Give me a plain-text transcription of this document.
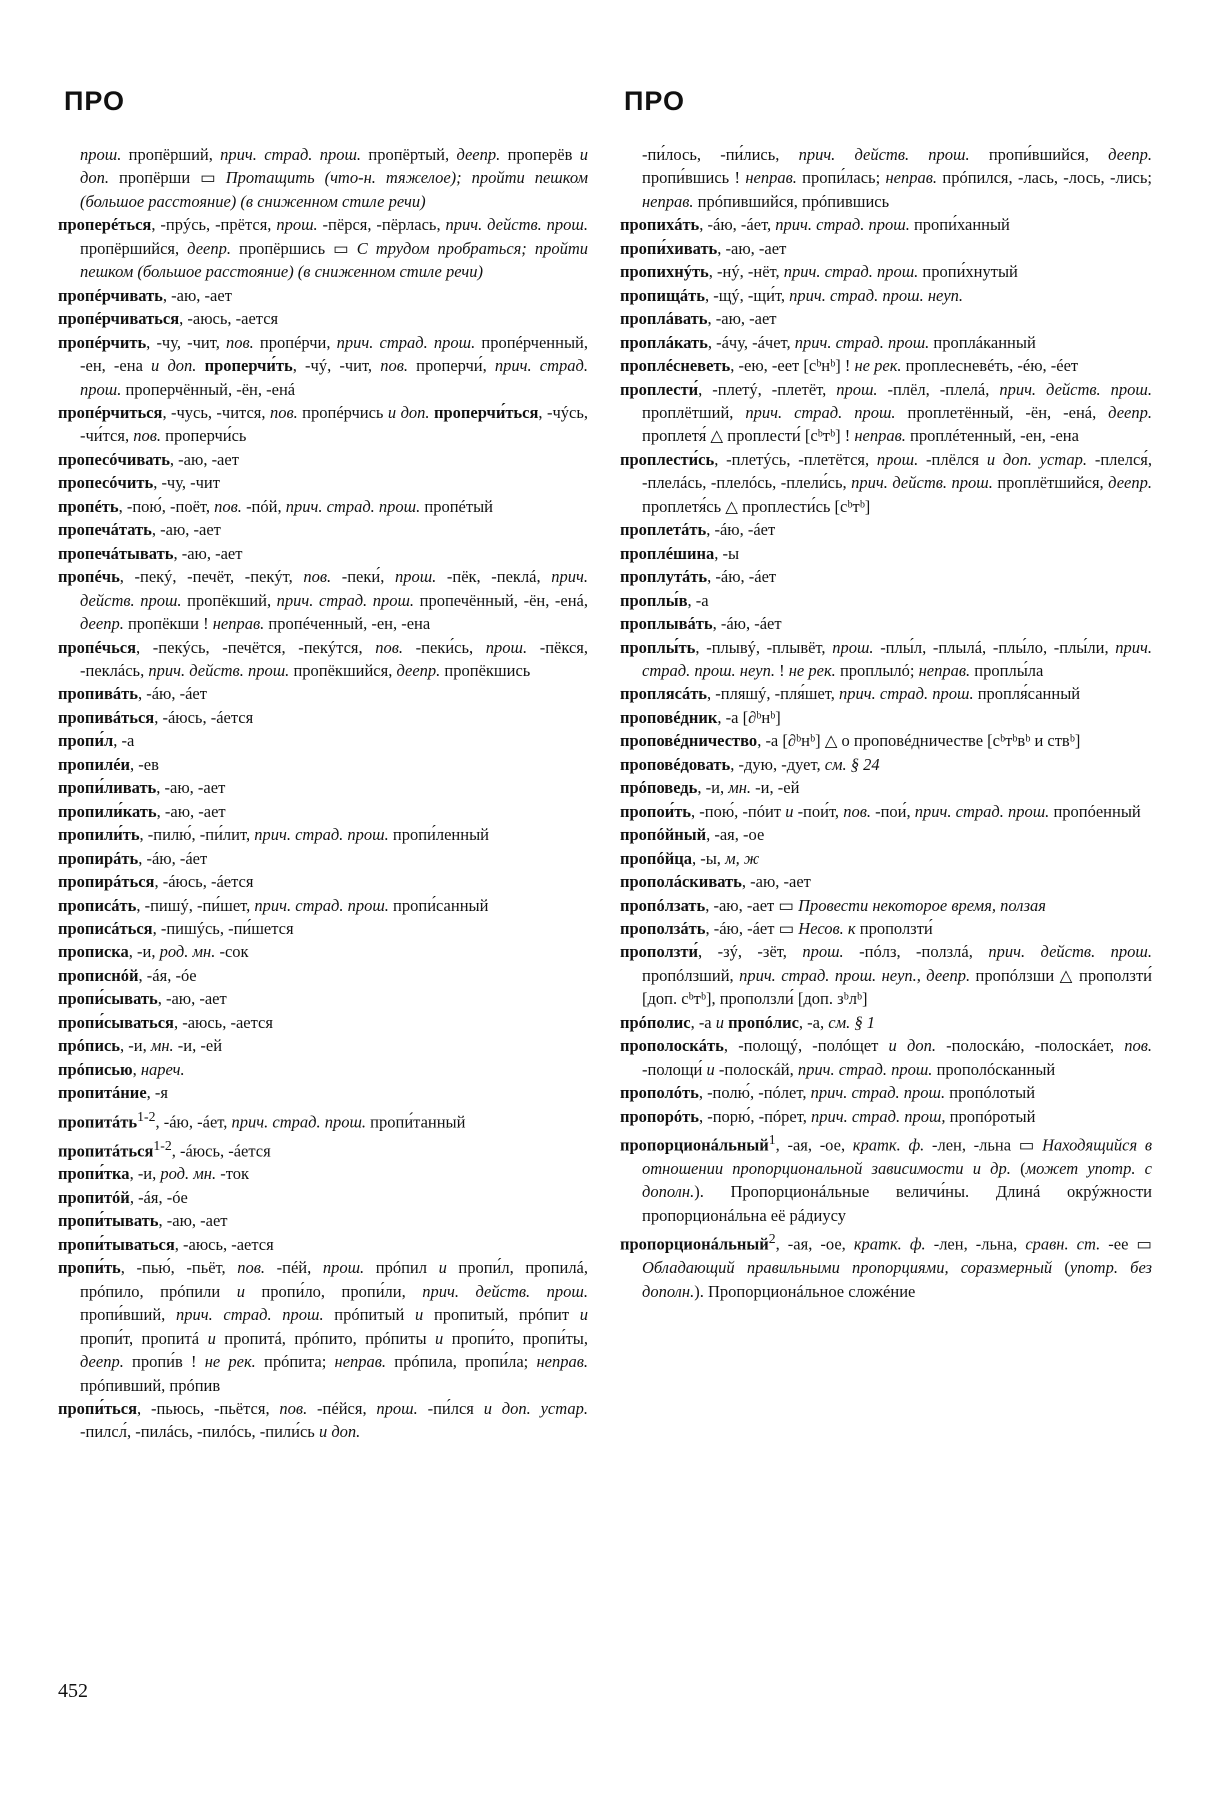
ПРО	ПРО
прош. пропёрший, прич. страд. прош. пропёртый, деепр. проперёв и доп. пропёрши ▭ Протащить (что-н. тяжелое); пройти пешком (большое расстояние) (в сниженном стиле речи)
проперéться, -прýсь, -прётся, прош. -пёрся, -пёрлась, прич. действ. прош. пропёршийся, деепр. пропёршись ▭ С трудом пробраться; пройти пешком (большое расстояние) (в сниженном стиле речи)
пропéрчивать, -аю, -ает
пропéрчиваться, -аюсь, -ается
пропéрчить, -чу, -чит, пов. пропéрчи, прич. страд. прош. пропéрченный, -ен, -ена и доп. проперчи́ть, -чý, -чит, пов. проперчи́, прич. страд. прош. проперчённый, -ён, -енá
пропéрчиться, -чусь, -чится, пов. пропéрчись и доп. проперчи́ться, -чýсь, -чи́тся, пов. проперчи́сь
пропесóчивать, -аю, -ает
пропесóчить, -чу, -чит
пропéть, -пою́, -поёт, пов. -пóй, прич. страд. прош. пропéтый
пропечáтать, -аю, -ает
пропечáтывать, -аю, -ает
пропéчь, -пекý, -печёт, -пекýт, пов. -пеки́, прош. -пёк, -пеклá, прич. действ. прош. пропёкший, прич. страд. прош. пропечённый, -ён, -енá, деепр. пропёкши ! неправ. пропéченный, -ен, -ена
пропéчься, -пекýсь, -печётся, -пекýтся, пов. -пеки́сь, прош. -пёкся, -пеклáсь, прич. действ. прош. пропёкшийся, деепр. пропёкшись
пропивáть, -áю, -áет
пропивáться, -áюсь, -áется
пропи́л, -а
пропилéи, -ев
пропи́ливать, -аю, -ает
пропили́кать, -аю, -ает
пропили́ть, -пилю́, -пи́лит, прич. страд. прош. пропи́ленный
пропирáть, -áю, -áет
пропирáться, -áюсь, -áется
прописáть, -пишý, -пи́шет, прич. страд. прош. пропи́санный
прописáться, -пишýсь, -пи́шется
прописка, -и, род. мн. -сок
прописнóй, -áя, -óе
пропи́сывать, -аю, -ает
пропи́сываться, -аюсь, -ается
прóпись, -и, мн. -и, -ей
прóписью, нареч.
пропитáние, -я
пропитáть$^{1-2}$, -áю, -áет, прич. страд. прош. пропи́танный
пропитáться$^{1-2}$, -áюсь, -áется
пропи́тка, -и, род. мн. -ток
пропитóй, -áя, -óе
пропи́тывать, -аю, -ает
пропи́тываться, -аюсь, -ается
пропи́ть, -пью́, -пьёт, пов. -пéй, прош. прóпил и пропи́л, пропилá, прóпило, прóпили и пропи́ло, пропи́ли, прич. действ. прош. пропи́вший, прич. страд. прош. прóпитый и пропитый, прóпит и пропи́т, пропитá и пропитá, прóпито, прóпиты и пропи́то, пропи́ты, деепр. пропи́в ! не рек. прóпита; неправ. прóпила, пропи́ла; неправ. прóпивший, прóпив
пропи́ться, -пьюсь, -пьётся, пов. -пéйся, прош. -пи́лся и доп. устар. -пилсл́, -пилáсь, -пилóсь, -пили́сь и доп.
-пи́лось, -пи́лись, прич. действ. прош. пропи́вшийся, деепр. пропи́вшись ! неправ. пропи́лась; неправ. прóпился, -лась, -лось, -лись; неправ. прóпившийся, прóпившись
пропихáть, -áю, -áет, прич. страд. прош. пропи́ханный
пропи́хивать, -аю, -ает
пропихнýть, -нý, -нёт, прич. страд. прош. пропи́хнутый
пропищáть, -щý, -щи́т, прич. страд. прош. неуп.
проплáвать, -аю, -ает
проплáкать, -áчу, -áчет, прич. страд. прош. проплáканный
проплéсневеть, -ею, -еет [cᵇнᵇ] ! не рек. проплесневéть, -éю, -éет
проплести́, -плетý, -плетёт, прош. -плёл, -плелá, прич. действ. прош. проплётший, прич. страд. прош. проплетённый, -ён, -енá, деепр. проплетя́ △ проплести́ [cᵇтᵇ] ! неправ. проплéтенный, -ен, -ена
проплести́сь, -плетýсь, -плетётся, прош. -плёлся и доп. устар. -плелся́, -плелáсь, -плелóсь, -плели́сь, прич. действ. прош. проплётшийся, деепр. проплетя́сь △ проплести́сь [cᵇтᵇ]
проплетáть, -áю, -áет
проплéшина, -ы
проплутáть, -áю, -áет
проплы́в, -а
проплывáть, -áю, -áет
проплы́ть, -плывý, -плывёт, прош. -плы́л, -плылá, -плы́ло, -плы́ли, прич. страд. прош. неуп. ! не рек. проплылó; неправ. проплы́ла
проплясáть, -пляшý, -пля́шет, прич. страд. прош. пропля́санный
проповéдник, -а [∂ᵇнᵇ]
проповéдничество, -а [∂ᵇнᵇ] △ о проповéдничестве [cᵇтᵇвᵇ и ствᵇ]
проповéдовать, -дую, -дует, см. § 24
прóповедь, -и, мн. -и, -ей
пропои́ть, -пою́, -пóит и -пои́т, пов. -пои́, прич. страд. прош. пропóенный
пропóйный, -ая, -ое
пропóйца, -ы, м, ж
прополáскивать, -аю, -ает
пропóлзать, -аю, -ает ▭ Провести некоторое время, ползая
проползáть, -áю, -áет ▭ Несов. к проползти́
проползти́, -зý, -зёт, прош. -пóлз, -ползлá, прич. действ. прош. пропóлзший, прич. страд. прош. неуп., деепр. пропóлзши △ проползти́ [доп. cᵇтᵇ], проползли́ [доп. зᵇлᵇ]
прóполис, -а и пропóлис, -а, см. § 1
прополоскáть, -полощý, -полóщет и доп. -полоскáю, -полоскáет, пов. -полощи́ и -полоскáй, прич. страд. прош. прополóсканный
прополóть, -полю́, -пóлет, прич. страд. прош. пропóлотый
пропорóть, -порю́, -пóрет, прич. страд. прош, пропóротый
пропорционáльный$^1$, -ая, -ое, кратк. ф. -лен, -льна ▭ Находящийся в отношении пропорциональной зависимости и др. (может употр. с дополн.). Пропорционáльные величи́ны. Длинá окрýжности пропорционáльна её рáдиусу
пропорционáльный$^2$, -ая, -ое, кратк. ф. -лен, -льна, сравн. ст. -ее ▭ Обладающий правильными пропорциями, соразмерный (употр. без дополн.). Пропорционáльное сложéние
452
